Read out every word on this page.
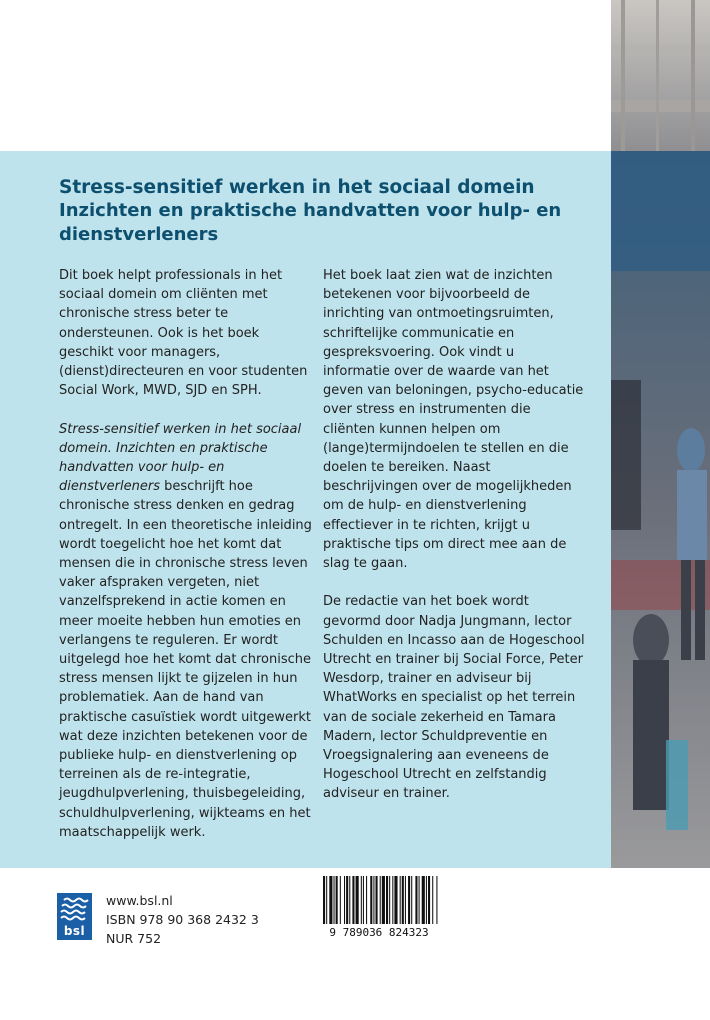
Stress-sensitief werken in het sociaal domein
Inzichten en praktische handvatten voor hulp- en dienstverleners

Dit boek helpt professionals in het sociaal domein om cliënten met chronische stress beter te ondersteunen. Ook is het boek geschikt voor managers, (dienst)directeuren en voor studenten Social Work, MWD, SJD en SPH.

Stress-sensitief werken in het sociaal domein. Inzichten en praktische handvatten voor hulp- en dienstverleners beschrijft hoe chronische stress denken en gedrag ontregelt. In een theoretische inleiding wordt toegelicht hoe het komt dat mensen die in chronische stress leven vaker afspraken vergeten, niet vanzelfsprekend in actie komen en meer moeite hebben hun emoties en verlangens te reguleren. Er wordt uitgelegd hoe het komt dat chronische stress mensen lijkt te gijzelen in hun problematiek. Aan de hand van praktische casuïstiek wordt uitgewerkt wat deze inzichten betekenen voor de publieke hulp- en dienstverlening op terreinen als de re-integratie, jeugdhulpverlening, thuisbegeleiding, schuldhulpverlening, wijkteams en het maatschappelijk werk.

Het boek laat zien wat de inzichten betekenen voor bijvoorbeeld de inrichting van ontmoetingsruimten, schriftelijke communicatie en gespreksvoering. Ook vindt u informatie over de waarde van het geven van beloningen, psycho-educatie over stress en instrumenten die cliënten kunnen helpen om (lange)termijndoelen te stellen en die doelen te bereiken. Naast beschrijvingen over de mogelijkheden om de hulp- en dienstverlening effectiever in te richten, krijgt u praktische tips om direct mee aan de slag te gaan.

De redactie van het boek wordt gevormd door Nadja Jungmann, lector Schulden en Incasso aan de Hogeschool Utrecht en trainer bij Social Force, Peter Wesdorp, trainer en adviseur bij WhatWorks en specialist op het terrein van de sociale zekerheid en Tamara Madern, lector Schuldpreventie en Vroegsignalering aan eveneens de Hogeschool Utrecht en zelfstandig adviseur en trainer.

bsl
www.bsl.nl
ISBN 978 90 368 2432 3
NUR 752	9 789036 824323
